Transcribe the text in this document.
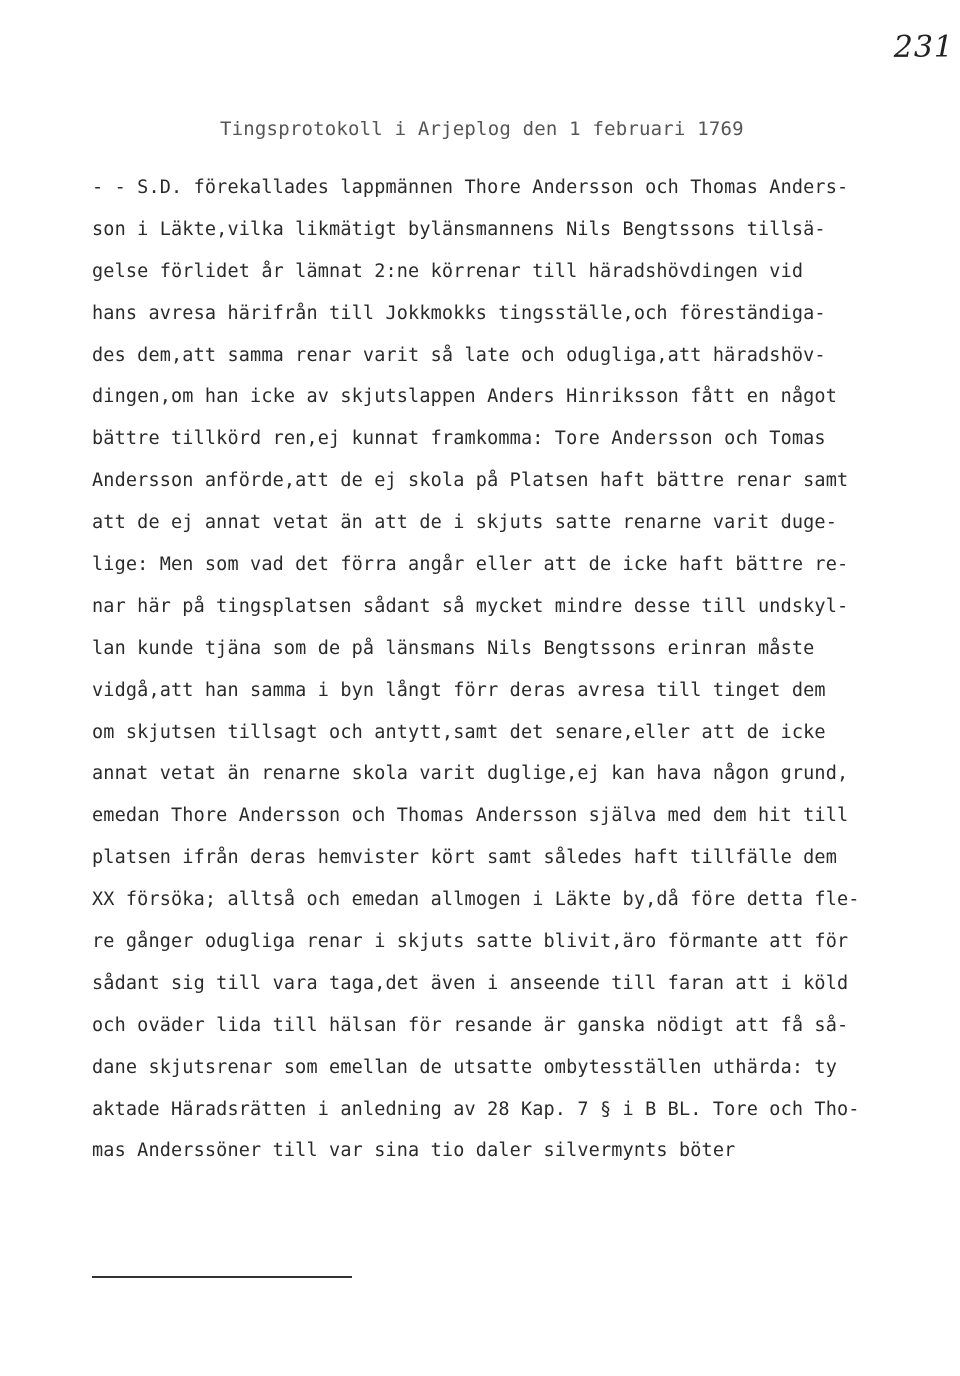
231
Tingsprotokoll i Arjeplog den 1 februari 1769
- - S.D. förekallades lappmännen Thore Andersson och Thomas Anders-
son i Läkte,vilka likmätigt bylänsmannens Nils Bengtssons tillsä-
gelse förlidet år lämnat 2:ne körrenar till häradshövdingen vid
hans avresa härifrån till Jokkmokks tingsställe,och föreständiga-
des dem,att samma renar varit så late och odugliga,att häradshöv-
dingen,om han icke av skjutslappen Anders Hinriksson fått en något
bättre tillkörd ren,ej kunnat framkomma: Tore Andersson och Tomas
Andersson anförde,att de ej skola på Platsen haft bättre renar samt
att de ej annat vetat än att de i skjuts satte renarne varit duge-
lige: Men som vad det förra angår eller att de icke haft bättre re-
nar här på tingsplatsen sådant så mycket mindre desse till undskyl-
lan kunde tjäna som de på länsmans Nils Bengtssons erinran måste
vidgå,att han samma i byn långt förr deras avresa till tinget dem
om skjutsen tillsagt och antytt,samt det senare,eller att de icke
annat vetat än renarne skola varit duglige,ej kan hava någon grund,
emedan Thore Andersson och Thomas Andersson själva med dem hit till
platsen ifrån deras hemvister kört samt således haft tillfälle dem
XX försöka; alltså och emedan allmogen i Läkte by,då före detta fle-
re gånger odugliga renar i skjuts satte blivit,äro förmante att för
sådant sig till vara taga,det även i anseende till faran att i köld
och oväder lida till hälsan för resande är ganska nödigt att få så-
dane skjutsrenar som emellan de utsatte ombytesställen uthärda: ty
aktade Häradsrätten i anledning av 28 Kap. 7 § i B BL. Tore och Tho-
mas Anderssöner till var sina tio daler silvermynts böter
